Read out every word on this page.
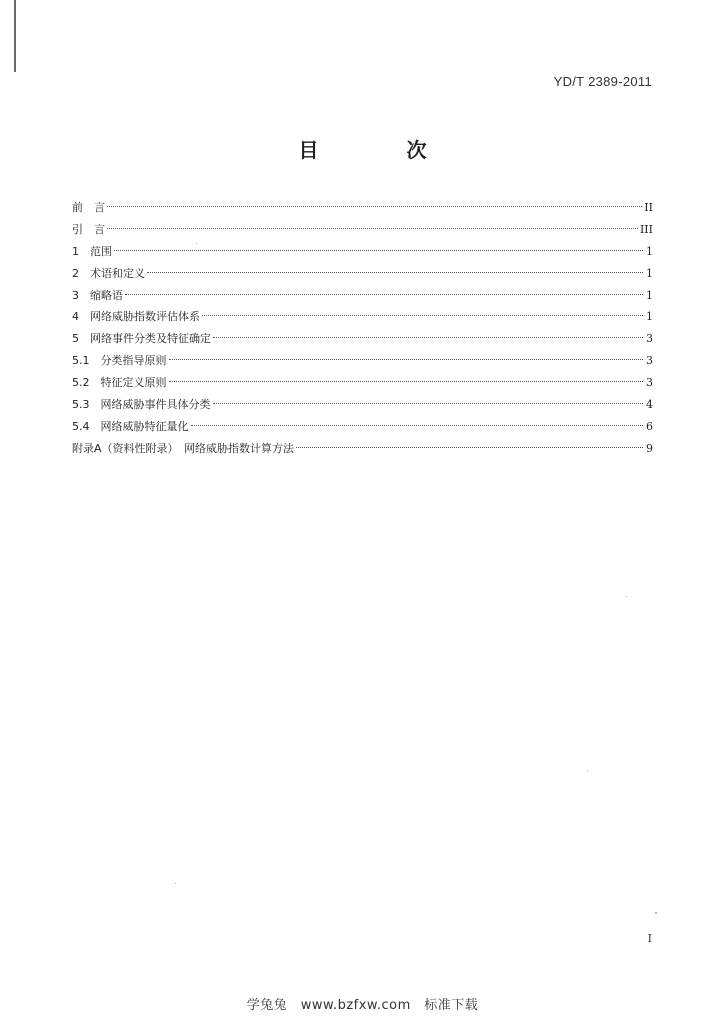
YD/T 2389-2011
目　次
前　言	II
引　言	III
1　范围	1
2　术语和定义	1
3　缩略语	1
4　网络威胁指数评估体系	1
5　网络事件分类及特征确定	3
5.1　分类指导原则	3
5.2　特征定义原则	3
5.3　网络威胁事件具体分类	4
5.4　网络威胁特征量化	6
附录A（资料性附录）　网络威胁指数计算方法	9
I
学兔兔　www.bzfxw.com　标准下载
